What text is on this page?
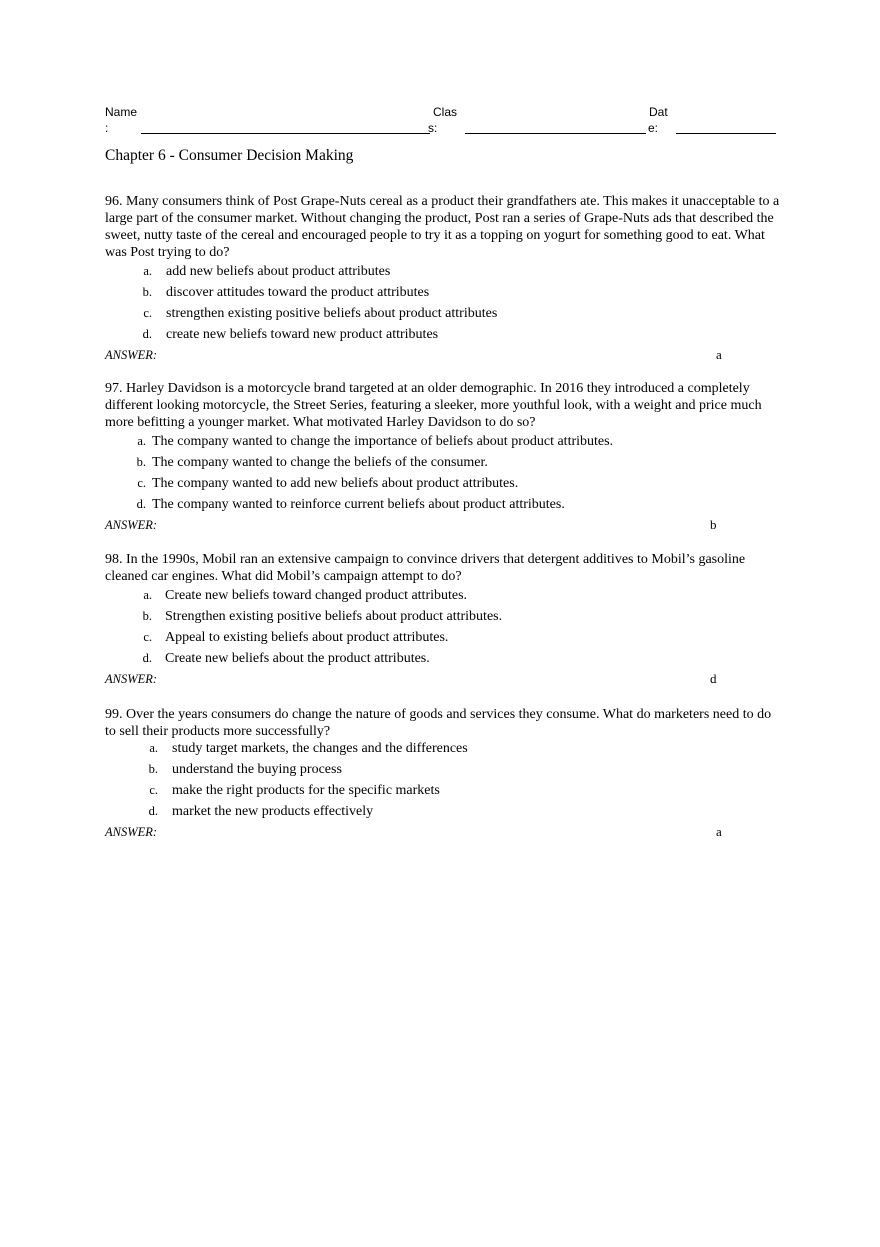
Name
:
Clas
s:
Dat
e:
Chapter 6 - Consumer Decision Making

96. Many consumers think of Post Grape-Nuts cereal as a product their grandfathers ate. This makes it unacceptable to a large part of the consumer market. Without changing the product, Post ran a series of Grape-Nuts ads that described the sweet, nutty taste of the cereal and encouraged people to try it as a topping on yogurt for something good to eat. What was Post trying to do?

a. add new beliefs about product attributes
b. discover attitudes toward the product attributes
c. strengthen existing positive beliefs about product attributes
d. create new beliefs toward new product attributes
ANSWER:	a

97. Harley Davidson is a motorcycle brand targeted at an older demographic. In 2016 they introduced a completely different looking motorcycle, the Street Series, featuring a sleeker, more youthful look, with a weight and price much more befitting a younger market. What motivated Harley Davidson to do so?

a. The company wanted to change the importance of beliefs about product attributes.
b. The company wanted to change the beliefs of the consumer.
c. The company wanted to add new beliefs about product attributes.
d. The company wanted to reinforce current beliefs about product attributes.
ANSWER:	b

98. In the 1990s, Mobil ran an extensive campaign to convince drivers that detergent additives to Mobil’s gasoline cleaned car engines. What did Mobil’s campaign attempt to do?

a. Create new beliefs toward changed product attributes.
b. Strengthen existing positive beliefs about product attributes.
c. Appeal to existing beliefs about product attributes.
d. Create new beliefs about the product attributes.
ANSWER:	d

99. Over the years consumers do change the nature of goods and services they consume. What do marketers need to do to sell their products more successfully?

a. study target markets, the changes and the differences
b. understand the buying process
c. make the right products for the specific markets
d. market the new products effectively
ANSWER:	a
